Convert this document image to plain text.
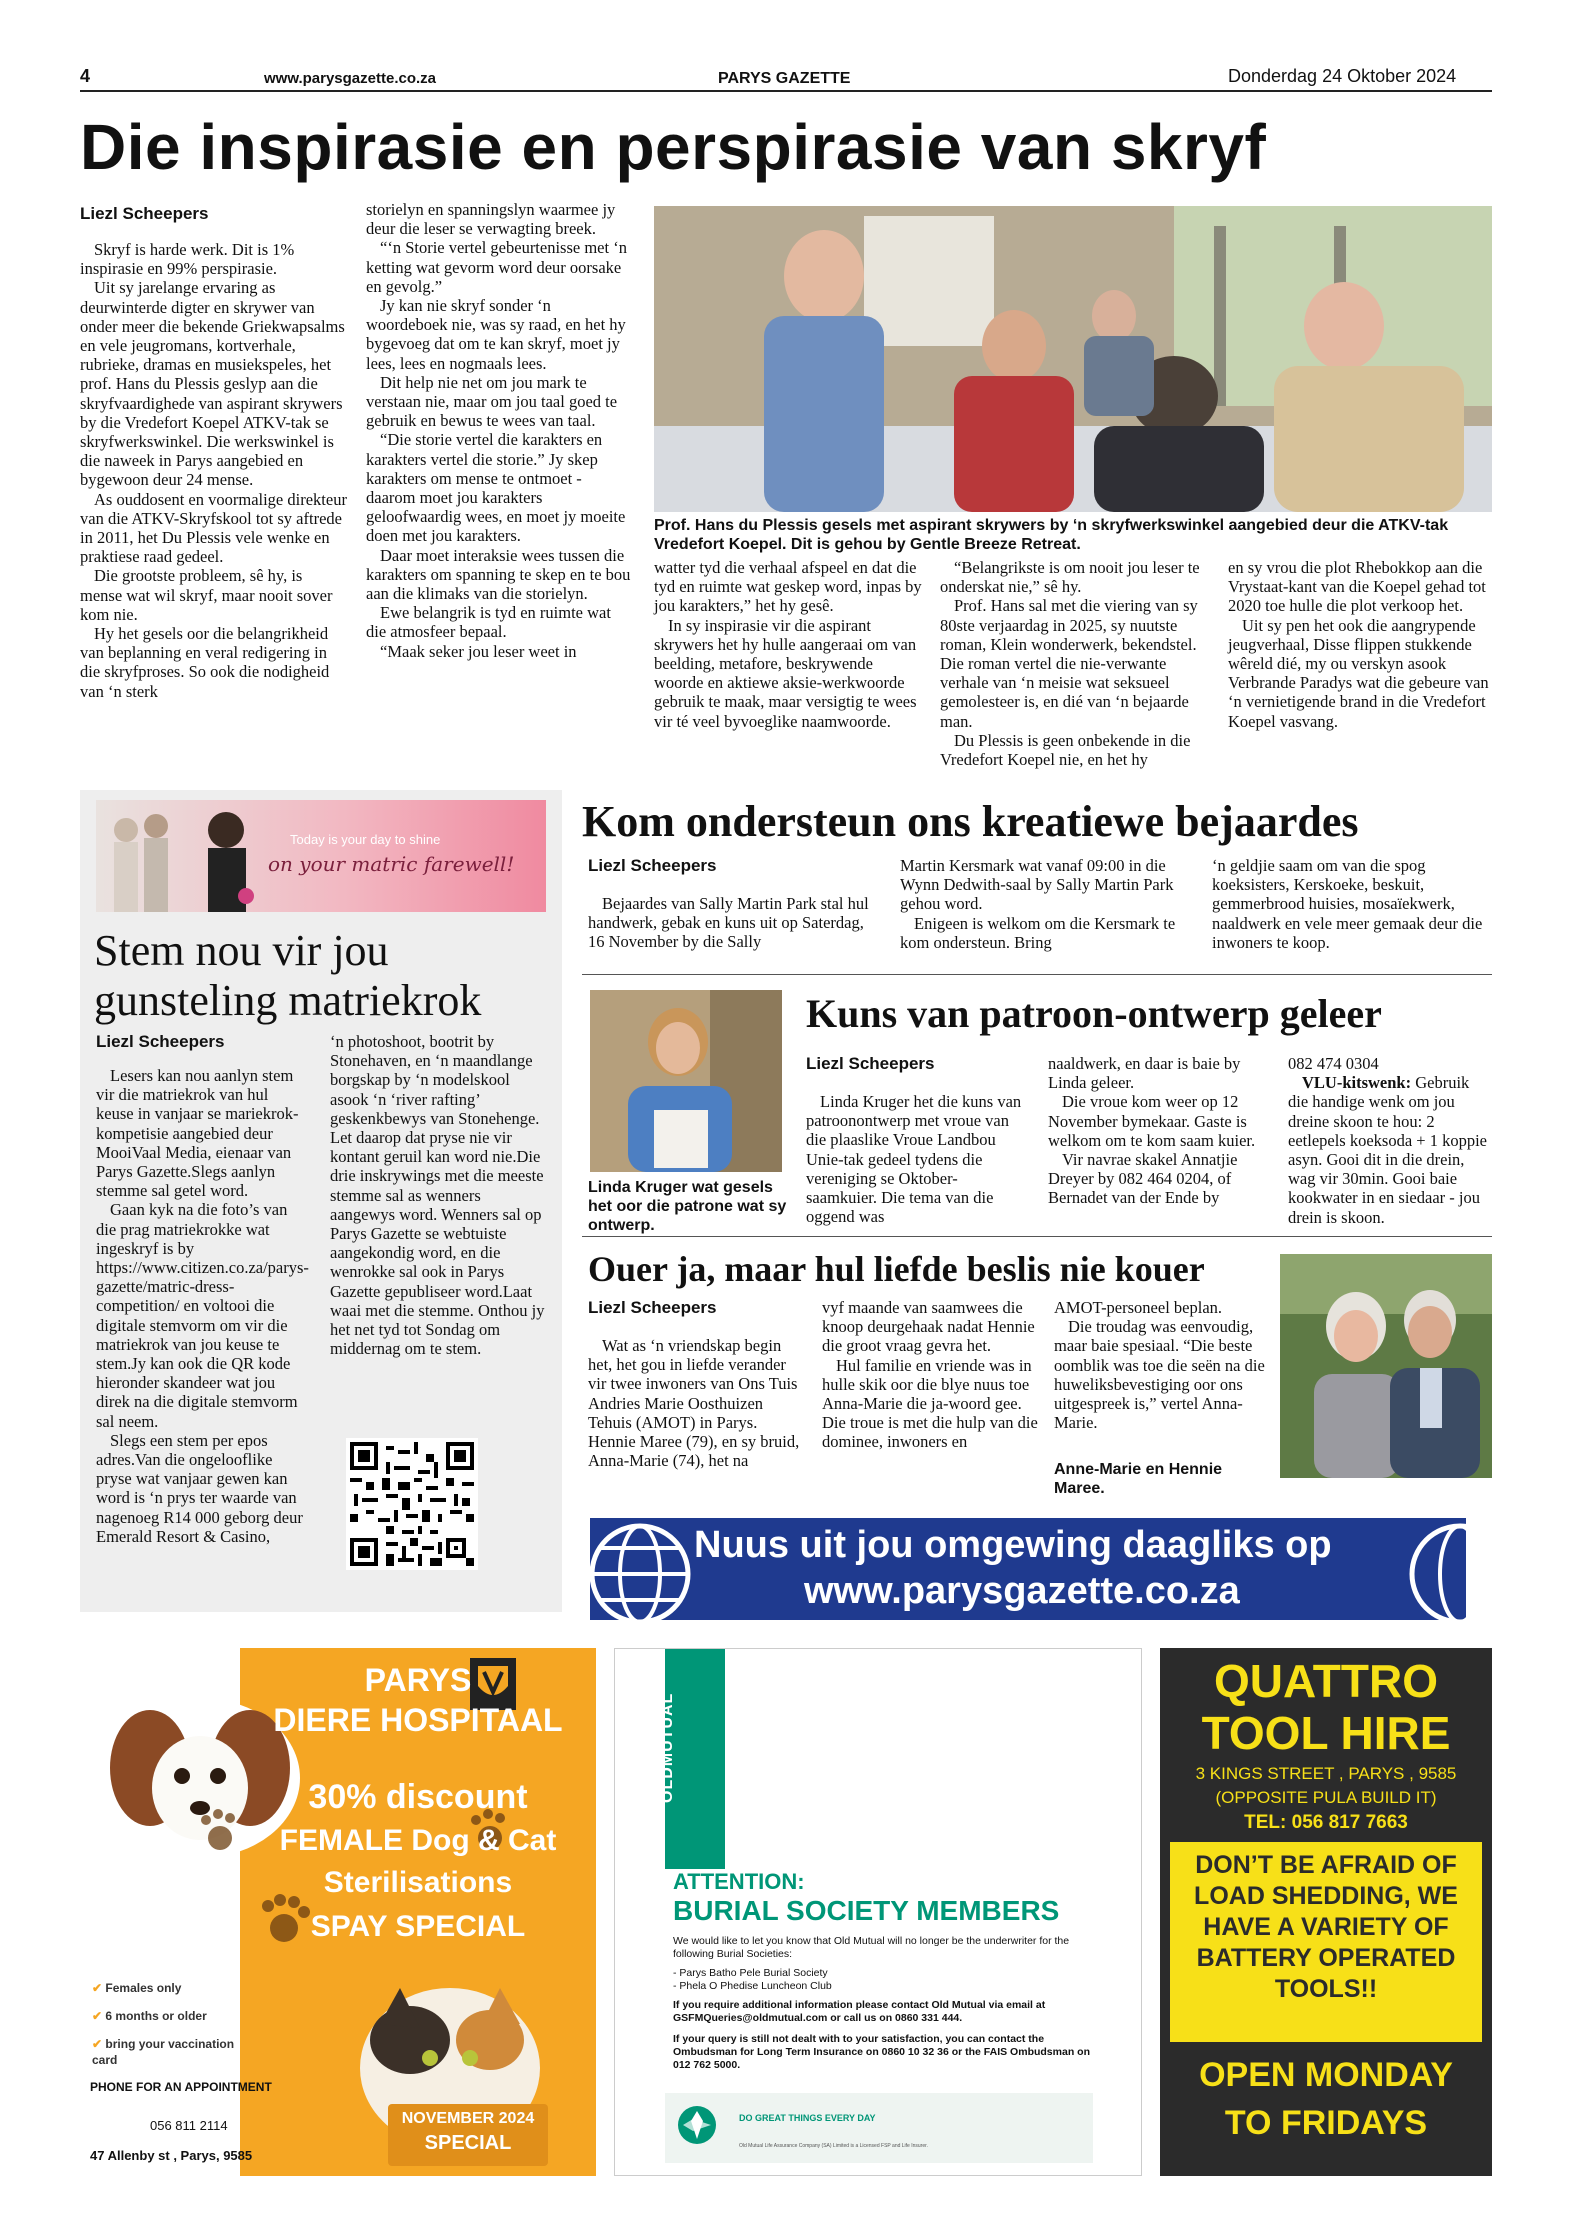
4	www.parysgazette.co.za	PARYS GAZETTE	Donderdag 24 Oktober 2024
Die inspirasie en perspirasie van skryf
Liezl Scheepers

Skryf is harde werk. Dit is 1% inspirasie en 99% perspirasie.

Uit sy jarelange ervaring as deurwinterde digter en skrywer van onder meer die bekende Griekwapsalms en vele jeugromans, kortverhale, rubrieke, dramas en musiekspeles, het prof. Hans du Plessis geslyp aan die skryfvaardighede van aspirant skrywers by die Vredefort Koepel ATKV-tak se skryfwerkswinkel. Die werkswinkel is die naweek in Parys aangebied en bygewoon deur 24 mense.

As ouddosent en voormalige direkteur van die ATKV-Skryfskool tot sy aftrede in 2011, het Du Plessis vele wenke en praktiese raad gedeel.

Die grootste probleem, sê hy, is mense wat wil skryf, maar nooit sover kom nie.

Hy het gesels oor die belangrikheid van beplanning en veral redigering in die skryfproses. So ook die nodigheid van ‘n sterk

storielyn en spanningslyn waarmee jy deur die leser se verwagting breek.

“‘n Storie vertel gebeurtenisse met ‘n ketting wat gevorm word deur oorsake en gevolg.”

Jy kan nie skryf sonder ‘n woordeboek nie, was sy raad, en het hy bygevoeg dat om te kan skryf, moet jy lees, lees en nogmaals lees.

Dit help nie net om jou mark te verstaan nie, maar om jou taal goed te gebruik en bewus te wees van taal.

“Die storie vertel die karakters en karakters vertel die storie.” Jy skep karakters om mense te ontmoet - daarom moet jou karakters geloofwaardig wees, en moet jy moeite doen met jou karakters.

Daar moet interaksie wees tussen die karakters om spanning te skep en te bou aan die klimaks van die storielyn.

Ewe belangrik is tyd en ruimte wat die atmosfeer bepaal.

“Maak seker jou leser weet in

Prof. Hans du Plessis gesels met aspirant skrywers by ‘n skryfwerkswinkel aangebied deur die ATKV-tak Vredefort Koepel. Dit is gehou by Gentle Breeze Retreat.

watter tyd die verhaal afspeel en dat die tyd en ruimte wat geskep word, inpas by jou karakters,” het hy gesê.

In sy inspirasie vir die aspirant skrywers het hy hulle aangeraai om van beelding, metafore, beskrywende woorde en aktiewe aksie-werkwoorde gebruik te maak, maar versigtig te wees vir té veel byvoeglike naamwoorde.

“Belangrikste is om nooit jou leser te onderskat nie,” sê hy.

Prof. Hans sal met die viering van sy 80ste verjaardag in 2025, sy nuutste roman, Klein wonderwerk, bekendstel. Die roman vertel die nie-verwante verhale van ‘n meisie wat seksueel gemolesteer is, en dié van ‘n bejaarde man.

Du Plessis is geen onbekende in die Vredefort Koepel nie, en het hy

en sy vrou die plot Rhebokkop aan die Vrystaat-kant van die Koepel gehad tot 2020 toe hulle die plot verkoop het.

Uit sy pen het ook die aangrypende jeugverhaal, Disse flippen stukkende wêreld dié, my ou verskyn asook Verbrande Paradys wat die gebeure van ‘n vernietigende brand in die Vredefort Koepel vasvang.

Today is your day to shine
on your matric farewell!
Stem nou vir jou gunsteling matriekrok
Liezl Scheepers

Lesers kan nou aanlyn stem vir die matriekrok van hul keuse in vanjaar se mariekrok-kompetisie aangebied deur MooiVaal Media, eienaar van Parys Gazette.Slegs aanlyn stemme sal getel word.

Gaan kyk na die foto’s van die prag matriekrokke wat ingeskryf is by https://www.citizen.co.za/parys-gazette/matric-dress-competition/ en voltooi die digitale stemvorm om vir die matriekrok van jou keuse te stem.Jy kan ook die QR kode hieronder skandeer wat jou direk na die digitale stemvorm sal neem.

Slegs een stem per epos adres.Van die ongelooflike pryse wat vanjaar gewen kan word is ‘n prys ter waarde van nagenoeg R14 000 geborg deur Emerald Resort & Casino,

‘n photoshoot, bootrit by Stonehaven, en ‘n maandlange borgskap by ‘n modelskool asook ‘n ‘river rafting’ geskenkbewys van Stonehenge. Let daarop dat pryse nie vir kontant geruil kan word nie.Die drie inskrywings met die meeste stemme sal as wenners aangewys word. Wenners sal op Parys Gazette se webtuiste aangekondig word, en die wenrokke sal ook in Parys Gazette gepubliseer word.Laat waai met die stemme. Onthou jy het net tyd tot Sondag om middernag om te stem.

Kom ondersteun ons kreatiewe bejaardes
Liezl Scheepers

Bejaardes van Sally Martin Park stal hul handwerk, gebak en kuns uit op Saterdag, 16 November by die Sally

Martin Kersmark wat vanaf 09:00 in die Wynn Dedwith-saal by Sally Martin Park gehou word.

Enigeen is welkom om die Kersmark te kom ondersteun. Bring

‘n geldjie saam om van die spog koeksisters, Kerskoeke, beskuit, gemmerbrood huisies, mosaïekwerk, naaldwerk en vele meer gemaak deur die inwoners te koop.

Linda Kruger wat gesels het oor die patrone wat sy ontwerp.
Kuns van patroon-ontwerp geleer
Liezl Scheepers

Linda Kruger het die kuns van patroonontwerp met vroue van die plaaslike Vroue Landbou Unie-tak gedeel tydens die vereniging se Oktober-saamkuier. Die tema van die oggend was

naaldwerk, en daar is baie by Linda geleer.

Die vroue kom weer op 12 November bymekaar. Gaste is welkom om te kom saam kuier.

Vir navrae skakel Annatjie Dreyer by 082 464 0204, of Bernadet van der Ende by

082 474 0304

VLU-kitswenk: Gebruik die handige wenk om jou dreine skoon te hou: 2 eetlepels koeksoda + 1 koppie asyn. Gooi dit in die drein, wag vir 30min. Gooi baie kookwater in en siedaar - jou drein is skoon.

Ouer ja, maar hul liefde beslis nie kouer
Liezl Scheepers

Wat as ‘n vriendskap begin het, het gou in liefde verander vir twee inwoners van Ons Tuis Andries Marie Oosthuizen Tehuis (AMOT) in Parys. Hennie Maree (79), en sy bruid, Anna-Marie (74), het na

vyf maande van saamwees die knoop deurgehaak nadat Hennie die groot vraag gevra het.

Hul familie en vriende was in hulle skik oor die blye nuus toe Anna-Marie die ja-woord gee. Die troue is met die hulp van die dominee, inwoners en

AMOT-personeel beplan.

Die troudag was eenvoudig, maar baie spesiaal. “Die beste oomblik was toe die seën na die huweliksbevestiging oor ons uitgespreek is,” vertel Anna-Marie.

Anne-Marie en Hennie Maree.
Nuus uit jou omgewing daagliks op
www.parysgazette.co.za
PARYS
DIERE HOSPITAAL
30% discount
FEMALE Dog & Cat
Sterilisations
SPAY SPECIAL
✔ Females only
✔ 6 months or older
✔ bring your vaccination card
PHONE FOR AN APPOINTMENT
056 811 2114	NOVEMBER 2024
SPECIAL
47 Allenby st , Parys, 9585
OLDMUTUAL
ATTENTION:
BURIAL SOCIETY MEMBERS
We would like to let you know that Old Mutual will no longer be the underwriter for the following Burial Societies:
- Parys Batho Pele Burial Society
- Phela O Phedise Luncheon Club
If you require additional information please contact Old Mutual via email at GSFMQueries@oldmutual.com or call us on 0860 331 444.
If your query is still not dealt with to your satisfaction, you can contact the Ombudsman for Long Term Insurance on 0860 10 32 36 or the FAIS Ombudsman on 012 762 5000.
DO GREAT THINGS EVERY DAY
Old Mutual Life Assurance Company (SA) Limited is a Licensed FSP and Life Insurer.
QUATTRO
TOOL HIRE
3 KINGS STREET , PARYS , 9585
(OPPOSITE PULA BUILD IT)
TEL: 056 817 7663
DON’T BE AFRAID OF LOAD SHEDDING, WE HAVE A VARIETY OF BATTERY OPERATED TOOLS!!
OPEN MONDAY
TO FRIDAYS
